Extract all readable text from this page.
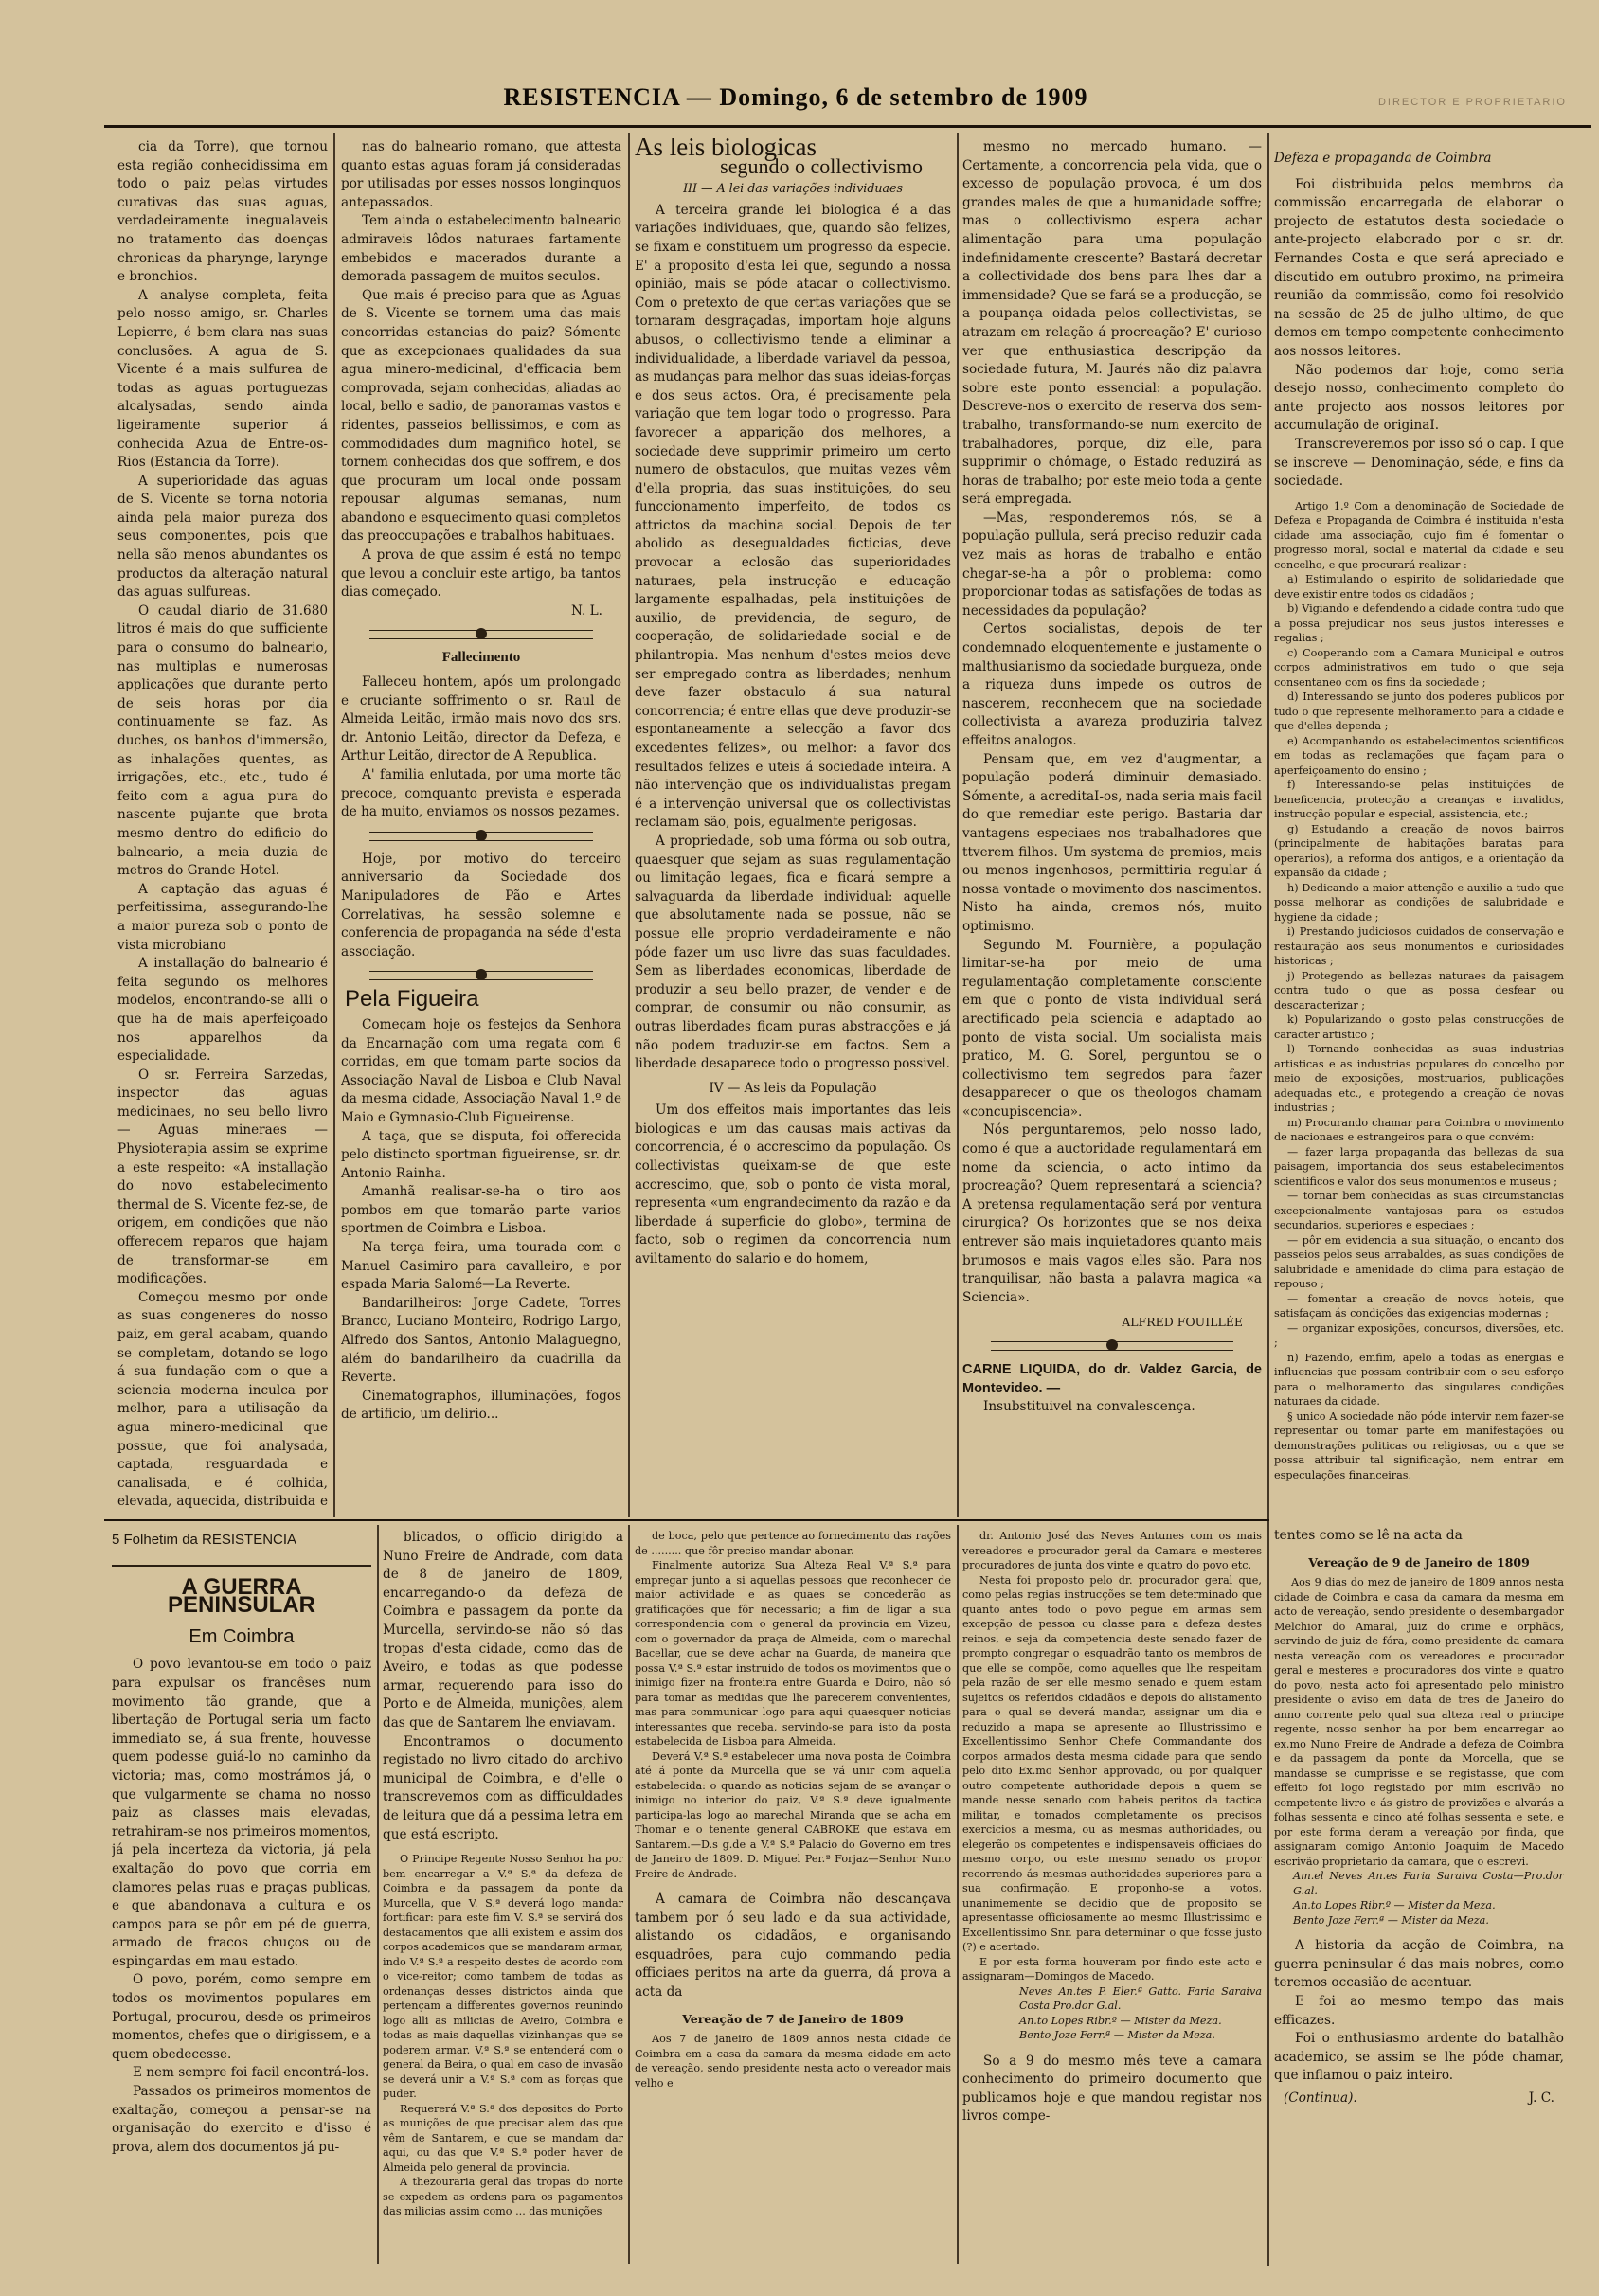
RESISTENCIA — Domingo, 6 de setembro de 1909	DIRECTOR E PROPRIETARIO

cia da Torre), que tornou esta região conhecidissima em todo o paiz pelas virtudes curativas das suas aguas, verdadeiramente inegualaveis no tratamento das doenças chronicas da pharynge, larynge e bronchios.

A analyse completa, feita pelo nosso amigo, sr. Charles Lepierre, é bem clara nas suas conclusões. A agua de S. Vicente é a mais sulfurea de todas as aguas portuguezas alcalysadas, sendo ainda ligeiramente superior á conhecida Azua de Entre-os-Rios (Estancia da Torre).

A superioridade das aguas de S. Vicente se torna notoria ainda pela maior pureza dos seus componentes, pois que nella são menos abundantes os productos da alteração natural das aguas sulfureas.

O caudal diario de 31.680 litros é mais do que sufficiente para o consumo do balneario, nas multiplas e numerosas applicações que durante perto de seis horas por dia continuamente se faz. As duches, os banhos d'immersão, as inhalações quentes, as irrigações, etc., etc., tudo é feito com a agua pura do nascente pujante que brota mesmo dentro do edificio do balneario, a meia duzia de metros do Grande Hotel.

A captação das aguas é perfeitissima, assegurando-lhe a maior pureza sob o ponto de vista microbiano

A installação do balneario é feita segundo os melhores modelos, encontrando-se alli o que ha de mais aperfeiçoado nos apparelhos da especialidade.

O sr. Ferreira Sarzedas, inspector das aguas medicinaes, no seu bello livro — Aguas mineraes — Physioterapia assim se exprime a este respeito: «A installação do novo estabelecimento thermal de S. Vicente fez-se, de origem, em condições que não offerecem reparos que hajam de transformar-se em modificações.

Começou mesmo por onde as suas congeneres do nosso paiz, em geral acabam, quando se completam, dotando-se logo á sua fundação com o que a sciencia moderna inculca por melhor, para a utilisação da agua minero-medicinal que possue, que foi analysada, captada, resguardada e canalisada, e é colhida, elevada, aquecida, distribuida e

nas do balneario romano, que attesta quanto estas aguas foram já consideradas por utilisadas por esses nossos longinquos antepassados.

Tem ainda o estabelecimento balneario admiraveis lôdos naturaes fartamente embebidos e macerados durante a demorada passagem de muitos seculos.

Que mais é preciso para que as Aguas de S. Vicente se tornem uma das mais concorridas estancias do paiz? Sómente que as excepcionaes qualidades da sua agua minero-medicinal, d'efficacia bem comprovada, sejam conhecidas, aliadas ao local, bello e sadio, de panoramas vastos e ridentes, passeios bellissimos, e com as commodidades dum magnifico hotel, se tornem conhecidas dos que soffrem, e dos que procuram um local onde possam repousar algumas semanas, num abandono e esquecimento quasi completos das preoccupações e trabalhos habituaes.

A prova de que assim é está no tempo que levou a concluir este artigo, ba tantos dias começado.

N. L.
Fallecimento

Falleceu hontem, após um prolongado e cruciante soffrimento o sr. Raul de Almeida Leitão, irmão mais novo dos srs. dr. Antonio Leitão, director da Defeza, e Arthur Leitão, director de A Republica.

A' familia enlutada, por uma morte tão precoce, comquanto prevista e esperada de ha muito, enviamos os nossos pezames.

Hoje, por motivo do terceiro anniversario da Sociedade dos Manipuladores de Pão e Artes Correlativas, ha sessão solemne e conferencia de propaganda na séde d'esta associação.

Pela Figueira

Começam hoje os festejos da Senhora da Encarnação com uma regata com 6 corridas, em que tomam parte socios da Associação Naval de Lisboa e Club Naval da mesma cidade, Associação Naval 1.º de Maio e Gymnasio-Club Figueirense.

A taça, que se disputa, foi offerecida pelo distincto sportman figueirense, sr. dr. Antonio Rainha.

Amanhã realisar-se-ha o tiro aos pombos em que tomarão parte varios sportmen de Coimbra e Lisboa.

Na terça feira, uma tourada com o Manuel Casimiro para cavalleiro, e por espada Maria Salomé—La Reverte.

Bandarilheiros: Jorge Cadete, Torres Branco, Luciano Monteiro, Rodrigo Largo, Alfredo dos Santos, Antonio Malaguegno, além do bandarilheiro da cuadrilla da Reverte.

Cinematographos, illuminações, fogos de artificio, um delirio...

As leis biologicas
segundo o collectivismo
III — A lei das variações individuaes

A terceira grande lei biologica é a das variações individuaes, que, quando são felizes, se fixam e constituem um progresso da especie. E' a proposito d'esta lei que, segundo a nossa opinião, mais se póde atacar o collectivismo. Com o pretexto de que certas variações que se tornaram desgraçadas, importam hoje alguns abusos, o collectivismo tende a eliminar a individualidade, a liberdade variavel da pessoa, as mudanças para melhor das suas ideias-forças e dos seus actos. Ora, é precisamente pela variação que tem logar todo o progresso. Para favorecer a apparição dos melhores, a sociedade deve supprimir primeiro um certo numero de obstaculos, que muitas vezes vêm d'ella propria, das suas instituições, do seu funccionamento imperfeito, de todos os attrictos da machina social. Depois de ter abolido as desegualdades ficticias, deve provocar a eclosão das superioridades naturaes, pela instrucção e educação largamente espalhadas, pela instituições de auxilio, de previdencia, de seguro, de cooperação, de solidariedade social e de philantropia. Mas nenhum d'estes meios deve ser empregado contra as liberdades; nenhum deve fazer obstaculo á sua natural concorrencia; é entre ellas que deve produzir-se espontaneamente a selecção a favor dos excedentes felizes», ou melhor: a favor dos resultados felizes e uteis á sociedade inteira. A não intervenção que os individualistas pregam é a intervenção universal que os collectivistas reclamam são, pois, egualmente perigosas.

A propriedade, sob uma fórma ou sob outra, quaesquer que sejam as suas regulamentação ou limitação legaes, fica e ficará sempre a salvaguarda da liberdade individual: aquelle que absolutamente nada se possue, não se possue elle proprio verdadeiramente e não póde fazer um uso livre das suas faculdades. Sem as liberdades economicas, liberdade de produzir a seu bello prazer, de vender e de comprar, de consumir ou não consumir, as outras liberdades ficam puras abstracções e já não podem traduzir-se em factos. Sem a liberdade desaparece todo o progresso possivel.

IV — As leis da População

Um dos effeitos mais importantes das leis biologicas e um das causas mais activas da concorrencia, é o accrescimo da população. Os collectivistas queixam-se de que este accrescimo, que, sob o ponto de vista moral, representa «um engrandecimento da razão e da liberdade á superficie do globo», termina de facto, sob o regimen da concorrencia num aviltamento do salario e do homem,

mesmo no mercado humano. — Certamente, a concorrencia pela vida, que o excesso de população provoca, é um dos grandes males de que a humanidade soffre; mas o collectivismo espera achar alimentação para uma população indefinidamente crescente? Bastará decretar a collectividade dos bens para lhes dar a immensidade? Que se fará se a producção, se a poupança oidada pelos collectivistas, se atrazam em relação á procreação? E' curioso ver que enthusiastica descripção da sociedade futura, M. Jaurés não diz palavra sobre este ponto essencial: a população. Descreve-nos o exercito de reserva dos sem-trabalho, transformando-se num exercito de trabalhadores, porque, diz elle, para supprimir o chômage, o Estado reduzirá as horas de trabalho; por este meio toda a gente será empregada.

—Mas, responderemos nós, se a população pullula, será preciso reduzir cada vez mais as horas de trabalho e então chegar-se-ha a pôr o problema: como proporcionar todas as satisfações de todas as necessidades da população?

Certos socialistas, depois de ter condemnado eloquentemente e justamente o malthusianismo da sociedade burgueza, onde a riqueza duns impede os outros de nascerem, reconhecem que na sociedade collectivista a avareza produziria talvez effeitos analogos.

Pensam que, em vez d'augmentar, a população poderá diminuir demasiado. Sómente, a acreditaI-os, nada seria mais facil do que remediar este perigo. Bastaria dar vantagens especiaes nos trabalhadores que ttverem filhos. Um systema de premios, mais ou menos ingenhosos, permittiria regular á nossa vontade o movimento dos nascimentos. Nisto ha ainda, cremos nós, muito optimismo.

Segundo M. Fournière, a população limitar-se-ha por meio de uma regulamentação completamente consciente em que o ponto de vista individual será arectificado pela sciencia e adaptado ao ponto de vista social. Um socialista mais pratico, M. G. Sorel, perguntou se o collectivismo tem segredos para fazer desapparecer o que os theologos chamam «concupiscencia».

Nós perguntaremos, pelo nosso lado, como é que a auctoridade regulamentará em nome da sciencia, o acto intimo da procreação? Quem representará a sciencia? A pretensa regulamentação será por ventura cirurgica? Os horizontes que se nos deixa entrever são mais inquietadores quanto mais brumosos e mais vagos elles são. Para nos tranquilisar, não basta a palavra magica «a Sciencia».

ALFRED FOUILLÉE
CARNE LIQUIDA, do dr. Valdez Garcia, de Montevideo. —
Insubstituivel na convalescença.
Defeza e propaganda de Coimbra

Foi distribuida pelos membros da commissão encarregada de elaborar o projecto de estatutos desta sociedade o ante-projecto elaborado por o sr. dr. Fernandes Costa e que será apreciado e discutido em outubro proximo, na primeira reunião da commissão, como foi resolvido na sessão de 25 de julho ultimo, de que demos em tempo competente conhecimento aos nossos leitores.

Não podemos dar hoje, como seria desejo nosso, conhecimento completo do ante projecto aos nossos leitores por accumulação de originaI.

Transcreveremos por isso só o cap. I que se inscreve — Denominação, séde, e fins da sociedade.

Artigo 1.º Com a denominação de Sociedade de Defeza e Propaganda de Coimbra é instituida n'esta cidade uma associação, cujo fim é fomentar o progresso moral, social e material da cidade e seu concelho, e que procurará realizar :
a) Estimulando o espirito de solidariedade que deve existir entre todos os cidadãos ;
b) Vigiando e defendendo a cidade contra tudo que a possa prejudicar nos seus justos interesses e regalias ;
c) Cooperando com a Camara Municipal e outros corpos administrativos em tudo o que seja consentaneo com os fins da sociedade ;
d) Interessando se junto dos poderes publicos por tudo o que represente melhoramento para a cidade e que d'elles dependa ;
e) Acompanhando os estabelecimentos scientificos em todas as reclamações que façam para o aperfeiçoamento do ensino ;
f) Interessando-se pelas instituições de beneficencia, protecção a creanças e invalidos, instrucção popular e especial, assistencia, etc.;
g) Estudando a creação de novos bairros (principalmente de habitações baratas para operarios), a reforma dos antigos, e a orientação da expansão da cidade ;
h) Dedicando a maior attenção e auxilio a tudo que possa melhorar as condições de salubridade e hygiene da cidade ;
i) Prestando judiciosos cuidados de conservação e restauração aos seus monumentos e curiosidades historicas ;
j) Protegendo as bellezas naturaes da paisagem contra tudo o que as possa desfear ou descaracterizar ;
k) Popularizando o gosto pelas construcções de caracter artistico ;
l) Tornando conhecidas as suas industrias artisticas e as industrias populares do concelho por meio de exposições, mostruarios, publicações adequadas etc., e protegendo a creação de novas industrias ;
m) Procurando chamar para Coimbra o movimento de nacionaes e estrangeiros para o que convém:
— fazer larga propaganda das bellezas da sua paisagem, importancia dos seus estabelecimentos scientificos e valor dos seus monumentos e museus ;
— tornar bem conhecidas as suas circumstancias excepcionalmente vantajosas para os estudos secundarios, superiores e especiaes ;
— pôr em evidencia a sua situação, o encanto dos passeios pelos seus arrabaldes, as suas condições de salubridade e amenidade do clima para estação de repouso ;
— fomentar a creação de novos hoteis, que satisfaçam ás condições das exigencias modernas ;
— organizar exposições, concursos, diversões, etc. ;
n) Fazendo, emfim, apelo a todas as energias e influencias que possam contribuir com o seu esforço para o melhoramento das singulares condições naturaes da cidade.
§ unico A sociedade não póde intervir nem fazer-se representar ou tomar parte em manifestações ou demonstrações politicas ou religiosas, ou a que se possa attribuir tal significação, nem entrar em especulações financeiras.
5 Folhetim da RESISTENCIA
A GUERRA PENINSULAR
Em Coimbra

O povo levantou-se em todo o paiz para expulsar os francêses num movimento tão grande, que a libertação de Portugal seria um facto immediato se, á sua frente, houvesse quem podesse guiá-lo no caminho da victoria; mas, como mostrámos já, o que vulgarmente se chama no nosso paiz as classes mais elevadas, retrahiram-se nos primeiros momentos, já pela incerteza da victoria, já pela exaltação do povo que corria em clamores pelas ruas e praças publicas, e que abandonava a cultura e os campos para se pôr em pé de guerra, armado de fracos chuços ou de espingardas em mau estado.

O povo, porém, como sempre em todos os movimentos populares em Portugal, procurou, desde os primeiros momentos, chefes que o dirigissem, e a quem obedecesse.

E nem sempre foi facil encontrá-los.

Passados os primeiros momentos de exaltação, começou a pensar-se na organisação do exercito e d'isso é prova, alem dos documentos já pu-

blicados, o officio dirigido a Nuno Freire de Andrade, com data de 8 de janeiro de 1809, encarregando-o da defeza de Coimbra e passagem da ponte da Murcella, servindo-se não só das tropas d'esta cidade, como das de Aveiro, e todas as que podesse armar, requerendo para isso do Porto e de Almeida, munições, alem das que de Santarem lhe enviavam.

Encontramos o documento registado no livro citado do archivo municipal de Coimbra, e d'elle o transcrevemos com as difficuldades de leitura que dá a pessima letra em que está escripto.

O Principe Regente Nosso Senhor ha por bem encarregar a V.ª S.ª da defeza de Coimbra e da passagem da ponte da Murcella, que V. S.ª deverá logo mandar fortificar: para este fim V. S.ª se servirá dos destacamentos que alli existem e assim dos corpos academicos que se mandaram armar, indo V.ª S.ª a respeito destes de acordo com o vice-reitor; como tambem de todas as ordenanças desses districtos ainda que pertençam a differentes governos reunindo logo alli as milicias de Aveiro, Coimbra e todas as mais daquellas vizinhanças que se poderem armar. V.ª S.ª se entenderá com o general da Beira, o qual em caso de invasão se deverá unir a V.ª S.ª com as forças que puder.
Requererá V.ª S.ª dos depositos do Porto as munições de que precisar alem das que vêm de Santarem, e que se mandam dar aqui, ou das que V.ª S.ª poder haver de Almeida pelo general da provincia.
A thezouraria geral das tropas do norte se expedem as ordens para os pagamentos das milicias assim como ... das munições
de boca, pelo que pertence ao fornecimento das rações de ......... que fôr preciso mandar abonar.
Finalmente autoriza Sua Alteza Real V.ª S.ª para empregar junto a si aquellas pessoas que reconhecer de maior actividade e as quaes se concederão as gratificações que fôr necessario; a fim de ligar a sua correspondencia com o general da provincia em Vizeu, com o governador da praça de Almeida, com o marechal Bacellar, que se deve achar na Guarda, de maneira que possa V.ª S.ª estar instruido de todos os movimentos que o inimigo fizer na fronteira entre Guarda e Doiro, não só para tomar as medidas que lhe parecerem convenientes, mas para communicar logo para aqui quaesquer noticias interessantes que receba, servindo-se para isto da posta estabelecida de Lisboa para Almeida.
Deverá V.ª S.ª estabelecer uma nova posta de Coimbra até á ponte da Murcella que se vá unir com aquella estabelecida: o quando as noticias sejam de se avançar o inimigo no interior do paiz, V.ª S.ª deve igualmente participa-las logo ao marechal Miranda que se acha em Thomar e o tenente general CABROKE que estava em Santarem.—D.s g.de a V.ª S.ª Palacio do Governo em tres de Janeiro de 1809. D. Miguel Per.ª Forjaz—Senhor Nuno Freire de Andrade.

A camara de Coimbra não descançava tambem por ó seu lado e da sua actividade, alistando os cidadãos, e organisando esquadrões, para cujo commando pedia officiaes peritos na arte da guerra, dá prova a acta da

Vereação de 7 de Janeiro de 1809
Aos 7 de janeiro de 1809 annos nesta cidade de Coimbra em a casa da camara da mesma cidade em acto de vereação, sendo presidente nesta acto o vereador mais velho e
dr. Antonio José das Neves Antunes com os mais vereadores e procurador geral da Camara e mesteres procuradores de junta dos vinte e quatro do povo etc.
Nesta foi proposto pelo dr. procurador geral que, como pelas regias instrucções se tem determinado que quanto antes todo o povo pegue em armas sem excepção de pessoa ou classe para a defeza destes reinos, e seja da competencia deste senado fazer de prompto congregar o esquadrão tanto os membros de que elle se compõe, como aquelles que lhe respeitam pela razão de ser elle mesmo senado e quem estam sujeitos os referidos cidadãos e depois do alistamento para o qual se deverá mandar, assignar um dia e reduzido a mapa se apresente ao Illustrissimo e Excellentissimo Senhor Chefe Commandante dos corpos armados desta mesma cidade para que sendo pelo dito Ex.mo Senhor approvado, ou por qualquer outro competente authoridade depois a quem se mande nesse senado com habeis peritos da tactica militar, e tomados completamente os precisos exercicios a mesma, ou as mesmas authoridades, ou elegerão os competentes e indispensaveis officiaes do mesmo corpo, ou este mesmo senado os propor recorrendo ás mesmas authoridades superiores para a sua confirmação. E proponho-se a votos, unanimemente se decidio que de proposito se apresentasse officiosamente ao mesmo Illustrissimo e Excellentissimo Snr. para determinar o que fosse justo (?) e acertado.
E por esta forma houveram por findo este acto e assignaram—Domingos de Macedo.
Neves An.tes P. Eler.ª Gatto. Faria Saraiva Costa Pro.dor G.al.
An.to Lopes Ribr.º — Mister da Meza.
Bento Joze Ferr.ª — Mister da Meza.

So a 9 do mesmo mês teve a camara conhecimento do primeiro documento que publicamos hoje e que mandou registar nos livros compe-

tentes como se lê na acta da
Vereação de 9 de Janeiro de 1809
Aos 9 dias do mez de janeiro de 1809 annos nesta cidade de Coimbra e casa da camara da mesma em acto de vereação, sendo presidente o desembargador Melchior do Amaral, juiz do crime e orphãos, servindo de juiz de fóra, como presidente da camara nesta vereação com os vereadores e procurador geral e mesteres e procuradores dos vinte e quatro do povo, nesta acto foi apresentado pelo ministro presidente o aviso em data de tres de Janeiro do anno corrente pelo qual sua alteza real o principe regente, nosso senhor ha por bem encarregar ao ex.mo Nuno Freire de Andrade a defeza de Coimbra e da passagem da ponte da Morcella, que se mandasse se cumprisse e se registasse, que com effeito foi logo registado por mim escrivão no competente livro e ás gistro de provizões e alvarás a folhas sessenta e cinco até folhas sessenta e sete, e por este forma deram a vereação por finda, que assignaram comigo Antonio Joaquim de Macedo escrivão proprietario da camara, que o escrevi.
Am.el Neves An.es Faria Saraiva Costa—Pro.dor G.al.
An.to Lopes Ribr.º — Mister da Meza.
Bento Joze Ferr.ª — Mister da Meza.

A historia da acção de Coimbra, na guerra peninsular é das mais nobres, como teremos occasião de acentuar.

E foi ao mesmo tempo das mais efficazes.

Foi o enthusiasmo ardente do batalhão academico, se assim se lhe póde chamar, que inflamou o paiz inteiro.

(Continua).	J. C.
